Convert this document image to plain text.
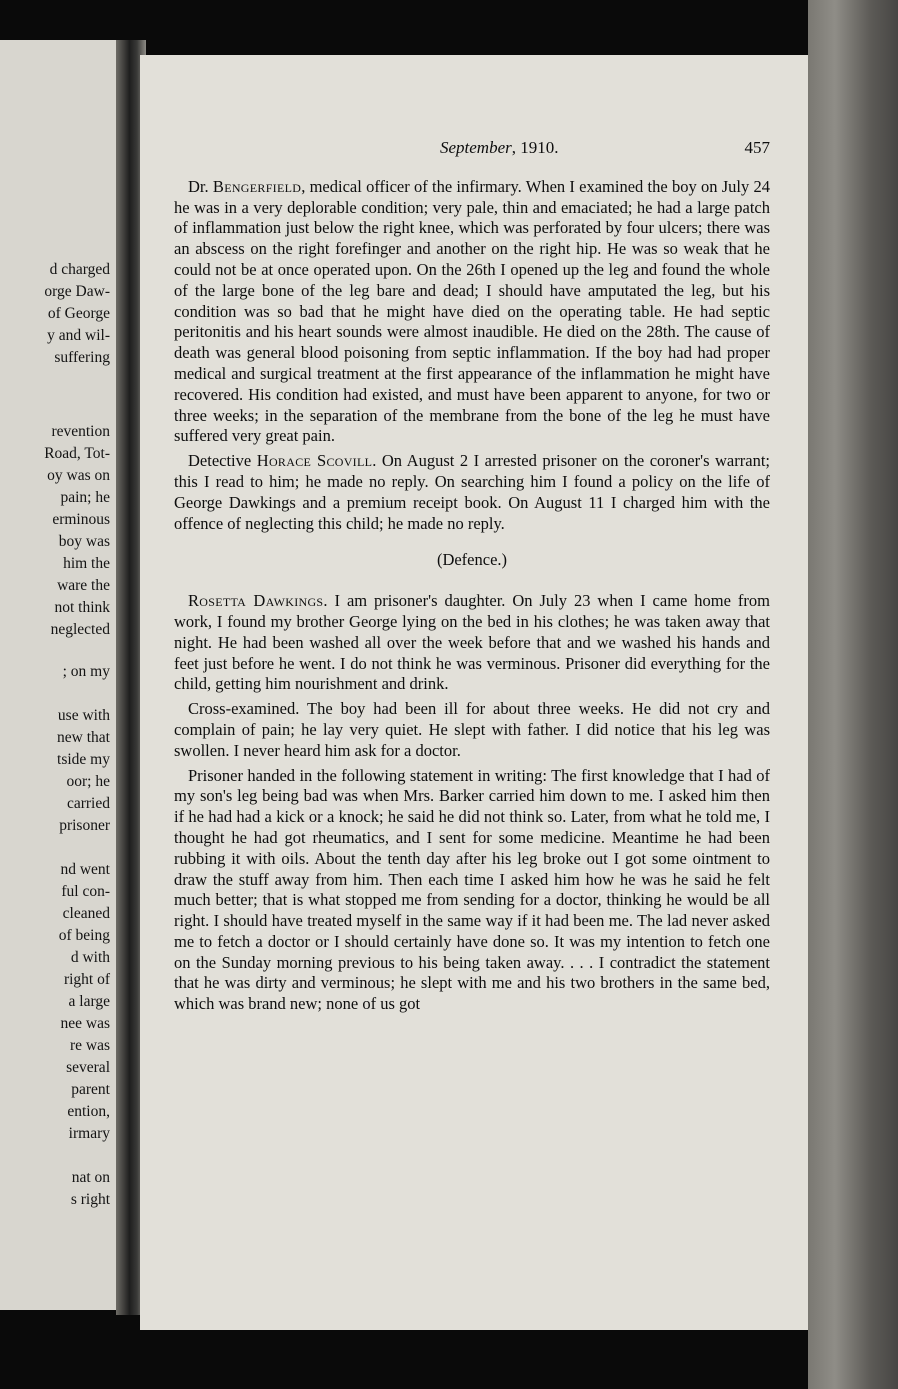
d charged
orge Daw-
of George
y and wil-
suffering
revention
Road, Tot-
oy was on
pain; he
erminous
boy was
him the
ware the
not think
neglected
; on my
use with
new that
tside my
oor; he
carried
prisoner
nd went
ful con-
cleaned
of being
d with
right of
a large
nee was
re was
several
parent
ention,
irmary
nat on
s right
September, 1910.	457

Dr. Bengerfield, medical officer of the infirmary. When I examined the boy on July 24 he was in a very deplorable condition; very pale, thin and emaciated; he had a large patch of inflammation just below the right knee, which was perforated by four ulcers; there was an abscess on the right forefinger and another on the right hip. He was so weak that he could not be at once operated upon. On the 26th I opened up the leg and found the whole of the large bone of the leg bare and dead; I should have amputated the leg, but his condition was so bad that he might have died on the operating table. He had septic peritonitis and his heart sounds were almost inaudible. He died on the 28th. The cause of death was general blood poisoning from septic inflammation. If the boy had had proper medical and surgical treatment at the first appearance of the inflammation he might have recovered. His condition had existed, and must have been apparent to anyone, for two or three weeks; in the separation of the membrane from the bone of the leg he must have suffered very great pain.

Detective Horace Scovill. On August 2 I arrested prisoner on the coroner's warrant; this I read to him; he made no reply. On searching him I found a policy on the life of George Dawkings and a premium receipt book. On August 11 I charged him with the offence of neglecting this child; he made no reply.

(Defence.)

Rosetta Dawkings. I am prisoner's daughter. On July 23 when I came home from work, I found my brother George lying on the bed in his clothes; he was taken away that night. He had been washed all over the week before that and we washed his hands and feet just before he went. I do not think he was verminous. Prisoner did everything for the child, getting him nourishment and drink.

Cross-examined. The boy had been ill for about three weeks. He did not cry and complain of pain; he lay very quiet. He slept with father. I did notice that his leg was swollen. I never heard him ask for a doctor.

Prisoner handed in the following statement in writing: The first knowledge that I had of my son's leg being bad was when Mrs. Barker carried him down to me. I asked him then if he had had a kick or a knock; he said he did not think so. Later, from what he told me, I thought he had got rheumatics, and I sent for some medicine. Meantime he had been rubbing it with oils. About the tenth day after his leg broke out I got some ointment to draw the stuff away from him. Then each time I asked him how he was he said he felt much better; that is what stopped me from sending for a doctor, thinking he would be all right. I should have treated myself in the same way if it had been me. The lad never asked me to fetch a doctor or I should certainly have done so. It was my intention to fetch one on the Sunday morning previous to his being taken away. . . . I contradict the statement that he was dirty and verminous; he slept with me and his two brothers in the same bed, which was brand new; none of us got
